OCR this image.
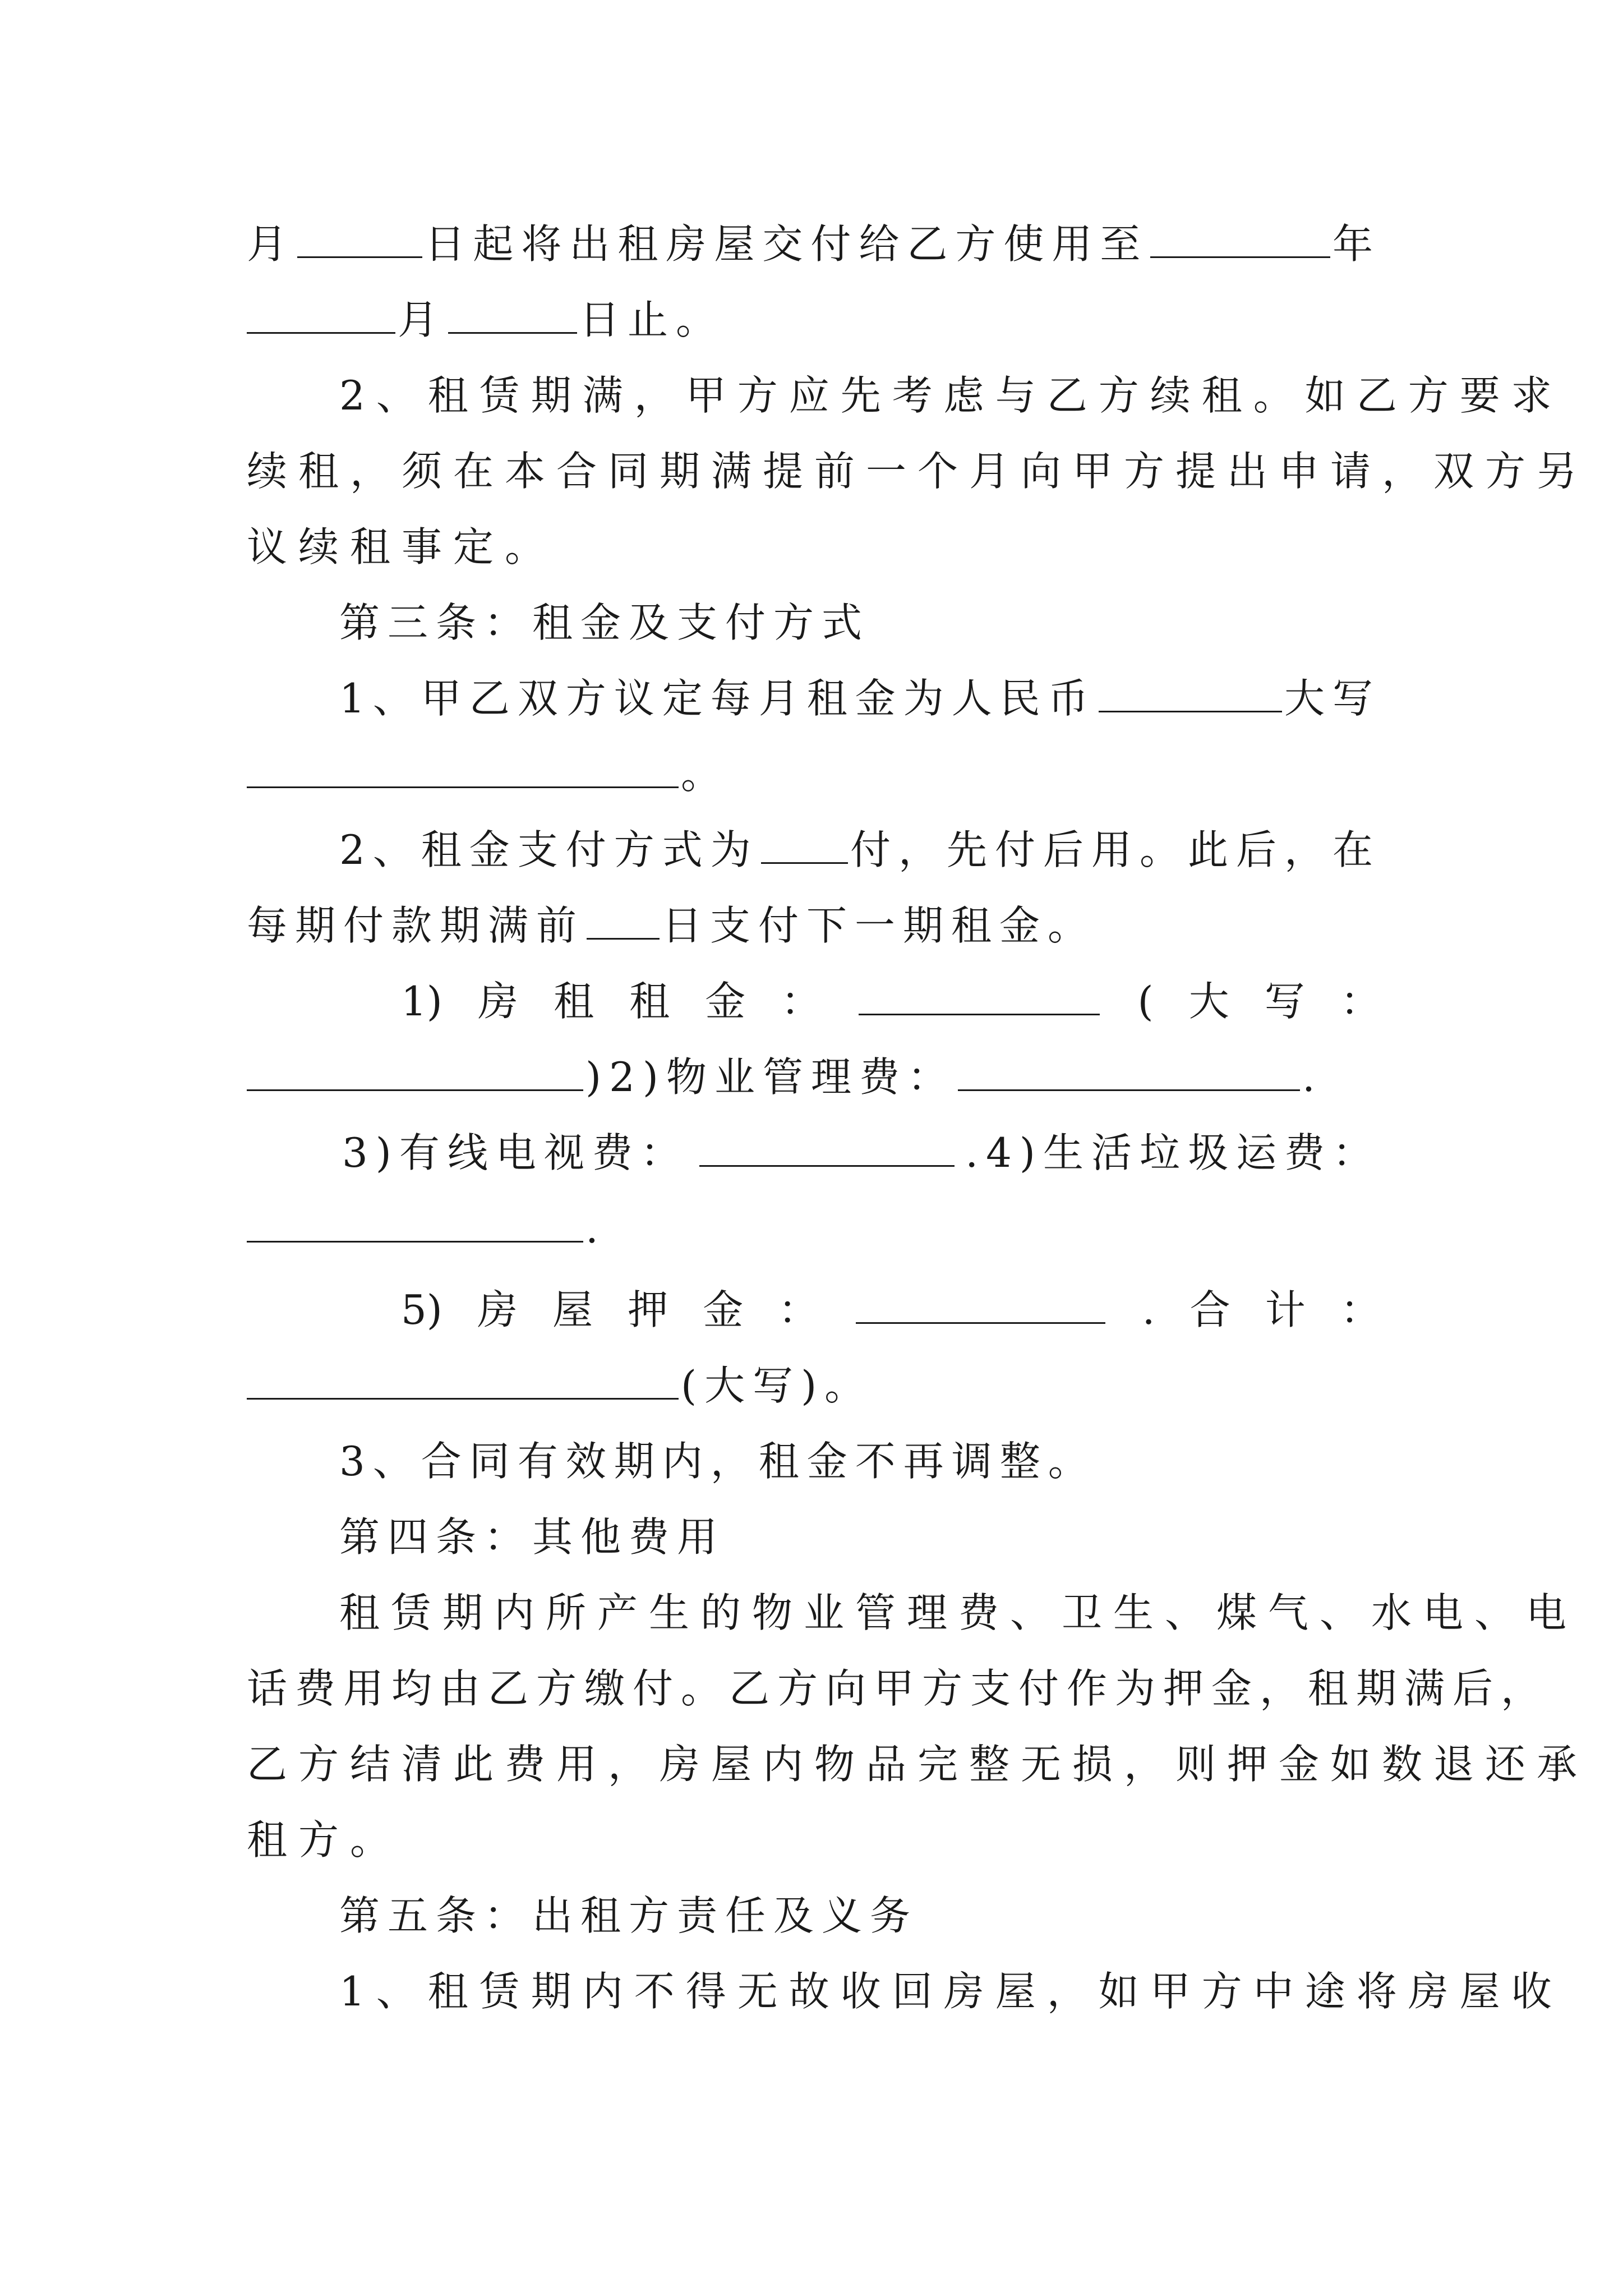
月	日起将出租房屋交付给乙方使用至	年
月	日止。
2、租赁期满，甲方应先考虑与乙方续租。如乙方要求
续租，须在本合同期满提前一个月向甲方提出申请，双方另
议续租事定。
第三条：租金及支付方式
1、甲乙双方议定每月租金为人民币	大写
。
2、租金支付方式为 付，先付后用。此后，在
每期付款期满前 日支付下一期租金。
1) 房 租 租 金 ：	( 大 写 ：
)2)物业管理费：	.
3)有线电视费：	.4)生活垃圾运费：
.
5) 房 屋 押 金 ：	. 合 计 ：
(大写)。
3、合同有效期内，租金不再调整。
第四条：其他费用
租赁期内所产生的物业管理费、卫生、煤气、水电、电
话费用均由乙方缴付。乙方向甲方支付作为押金，租期满后，
乙方结清此费用，房屋内物品完整无损，则押金如数退还承
租方。
第五条：出租方责任及义务
1、租赁期内不得无故收回房屋，如甲方中途将房屋收
